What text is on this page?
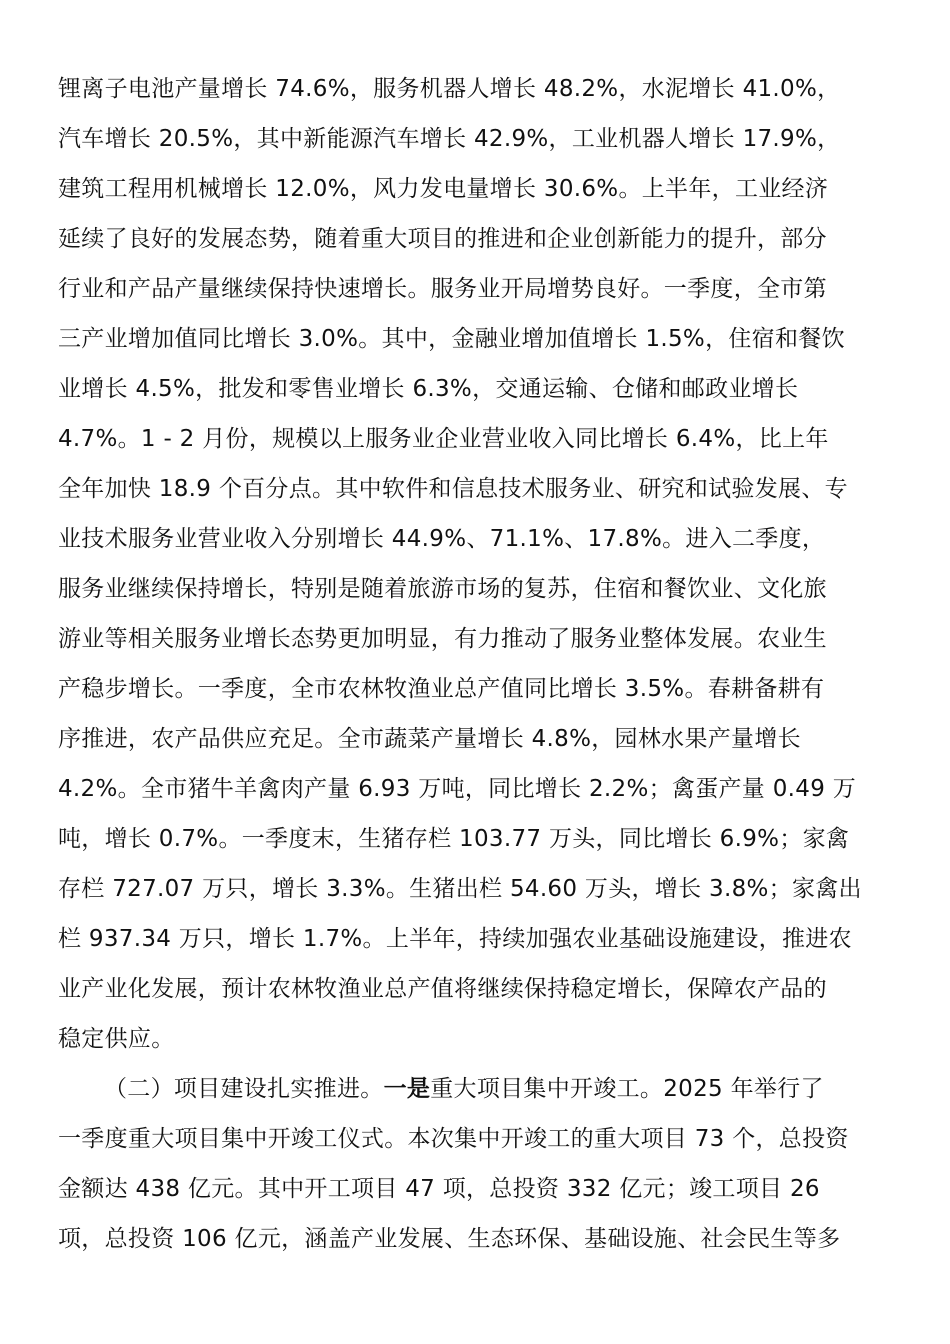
锂离子电池产量增长 74.6%，服务机器人增长 48.2%，水泥增长 41.0%，
汽车增长 20.5%，其中新能源汽车增长 42.9%，工业机器人增长 17.9%，
建筑工程用机械增长 12.0%，风力发电量增长 30.6%。上半年，工业经济
延续了良好的发展态势，随着重大项目的推进和企业创新能力的提升，部分
行业和产品产量继续保持快速增长。服务业开局增势良好。一季度，全市第
三产业增加值同比增长 3.0%。其中，金融业增加值增长 1.5%，住宿和餐饮
业增长 4.5%，批发和零售业增长 6.3%，交通运输、仓储和邮政业增长
4.7%。1 - 2 月份，规模以上服务业企业营业收入同比增长 6.4%，比上年
全年加快 18.9 个百分点。其中软件和信息技术服务业、研究和试验发展、专
业技术服务业营业收入分别增长 44.9%、71.1%、17.8%。进入二季度，
服务业继续保持增长，特别是随着旅游市场的复苏，住宿和餐饮业、文化旅
游业等相关服务业增长态势更加明显，有力推动了服务业整体发展。农业生
产稳步增长。一季度，全市农林牧渔业总产值同比增长 3.5%。春耕备耕有
序推进，农产品供应充足。全市蔬菜产量增长 4.8%，园林水果产量增长
4.2%。全市猪牛羊禽肉产量 6.93 万吨，同比增长 2.2%；禽蛋产量 0.49 万
吨，增长 0.7%。一季度末，生猪存栏 103.77 万头，同比增长 6.9%；家禽
存栏 727.07 万只，增长 3.3%。生猪出栏 54.60 万头，增长 3.8%；家禽出
栏 937.34 万只，增长 1.7%。上半年，持续加强农业基础设施建设，推进农
业产业化发展，预计农林牧渔业总产值将继续保持稳定增长，保障农产品的
稳定供应。
（二）项目建设扎实推进。一是重大项目集中开竣工。2025 年举行了
一季度重大项目集中开竣工仪式。本次集中开竣工的重大项目 73 个，总投资
金额达 438 亿元。其中开工项目 47 项，总投资 332 亿元；竣工项目 26
项，总投资 106 亿元，涵盖产业发展、生态环保、基础设施、社会民生等多
